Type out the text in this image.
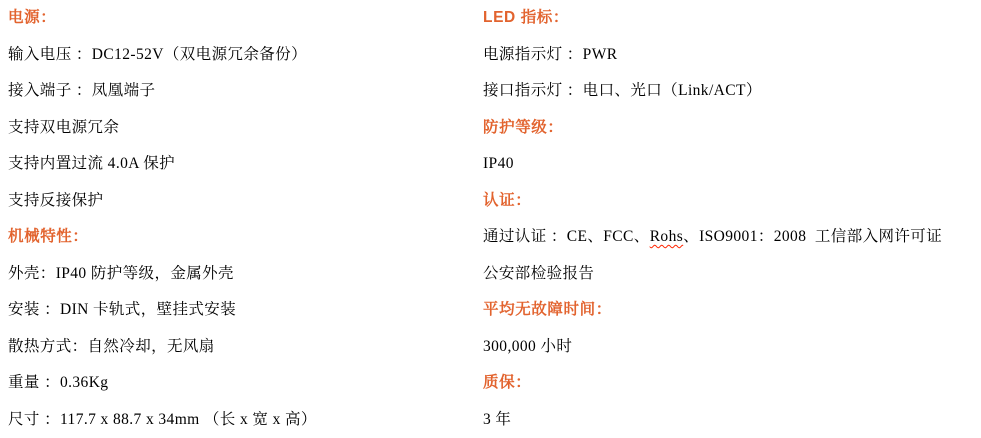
电源：
输入电压 ：DC12-52V（双电源冗余备份）
接入端子 ：凤凰端子
支持双电源冗余
支持内置过流 4.0A 保护
支持反接保护
机械特性：
外壳：IP40 防护等级，金属外壳
安装 ：DIN 卡轨式，壁挂式安装
散热方式：自然冷却，无风扇
重量 ：0.36Kg
尺寸 ：117.7 x 88.7 x 34mm （长 x 宽 x 高）
LED 指标：
电源指示灯 ：PWR
接口指示灯 ：电口、光口（Link/ACT）
防护等级：
IP40
认证：
通过认证 ：CE、FCC、Rohs、ISO9001：2008  工信部入网许可证
公安部检验报告
平均无故障时间：
300,000 小时
质保：
3 年
